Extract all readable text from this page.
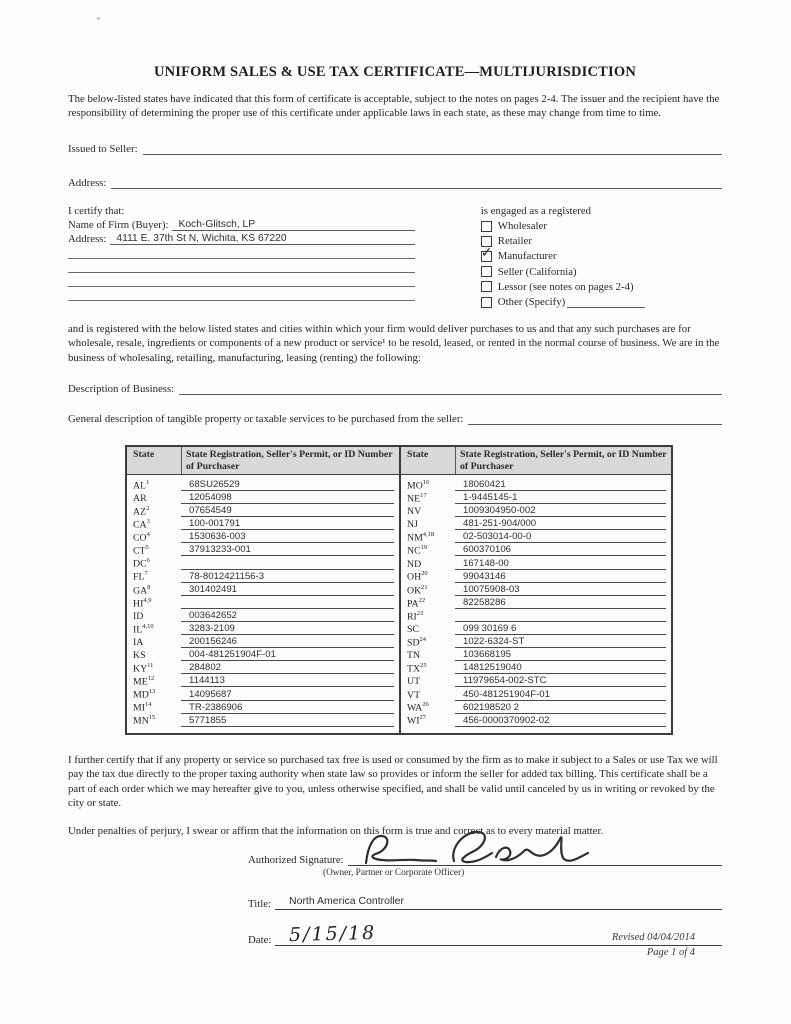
UNIFORM SALES & USE TAX CERTIFICATE—MULTIJURISDICTION
The below-listed states have indicated that this form of certificate is acceptable, subject to the notes on pages 2-4. The issuer and the recipient have the responsibility of determining the proper use of this certificate under applicable laws in each state, as these may change from time to time.
Issued to Seller:
Address:
I certify that:
Name of Firm (Buyer): Koch-Glitsch, LP
Address: 4111 E. 37th St N, Wichita, KS 67220
is engaged as a registered
Wholesaler
Retailer
✓ Manufacturer
Seller (California)
Lessor (see notes on pages 2-4)
Other (Specify)
and is registered with the below listed states and cities within which your firm would deliver purchases to us and that any such purchases are for wholesale, resale, ingredients or components of a new product or service¹ to be resold, leased, or rented in the normal course of business. We are in the business of wholesaling, retailing, manufacturing, leasing (renting) the following:
Description of Business:
General description of tangible property or taxable services to be purchased from the seller:
State	State Registration, Seller's Permit, or ID Number of Purchaser
$AL^1$	68SU26529
AR	12054098
$AZ^2$	07654549
$CA^3$	100-001791
$CO^4$	1530636-003
$CT^5$	37913233-001
$DC^6$
$FL^7$	78-8012421156-3
$GA^8$	301402491
HI$^{4,9}$
ID	003642652
IL$^{4,10}$	3283-2109
IA	200156246
KS	004-481251904F-01
KY$^{11}$	284802
ME$^{12}$	1144113
MD$^{13}$	14095687
MI$^{14}$	TR-2386906
MN$^{15}$	5771855
State	State Registration, Seller's Permit, or ID Number of Purchaser
MO$^{16}$	18060421
NE$^{17}$	1-9445145-1
NV	1009304950-002
NJ	481-251-904/000
NM$^{4,18}$	02-503014-00-0
NC$^{19}$	600370106
ND	167148-00
OH$^{20}$	99043146
OK$^{21}$	10075908-03
PA$^{22}$	82258286
RI$^{23}$
SC	099 30169 6
SD$^{24}$	1022-6324-ST
TN	103668195
TX$^{25}$	14812519040
UT	11979654-002-STC
VT	450-481251904F-01
WA$^{26}$	602198520 2
WI$^{27}$	456-0000370902-02
I further certify that if any property or service so purchased tax free is used or consumed by the firm as to make it subject to a Sales or use Tax we will pay the tax due directly to the proper taxing authority when state law so provides or inform the seller for added tax billing. This certificate shall be a part of each order which we may hereafter give to you, unless otherwise specified, and shall be valid until canceled by us in writing or revoked by the city or state.
Under penalties of perjury, I swear or affirm that the information on this form is true and correct as to every material matter.
Authorized Signature:
(Owner, Partner or Corporate Officer)
Title:	North America Controller
Date: 5/15/18	Revised 04/04/2014
Page 1 of 4
